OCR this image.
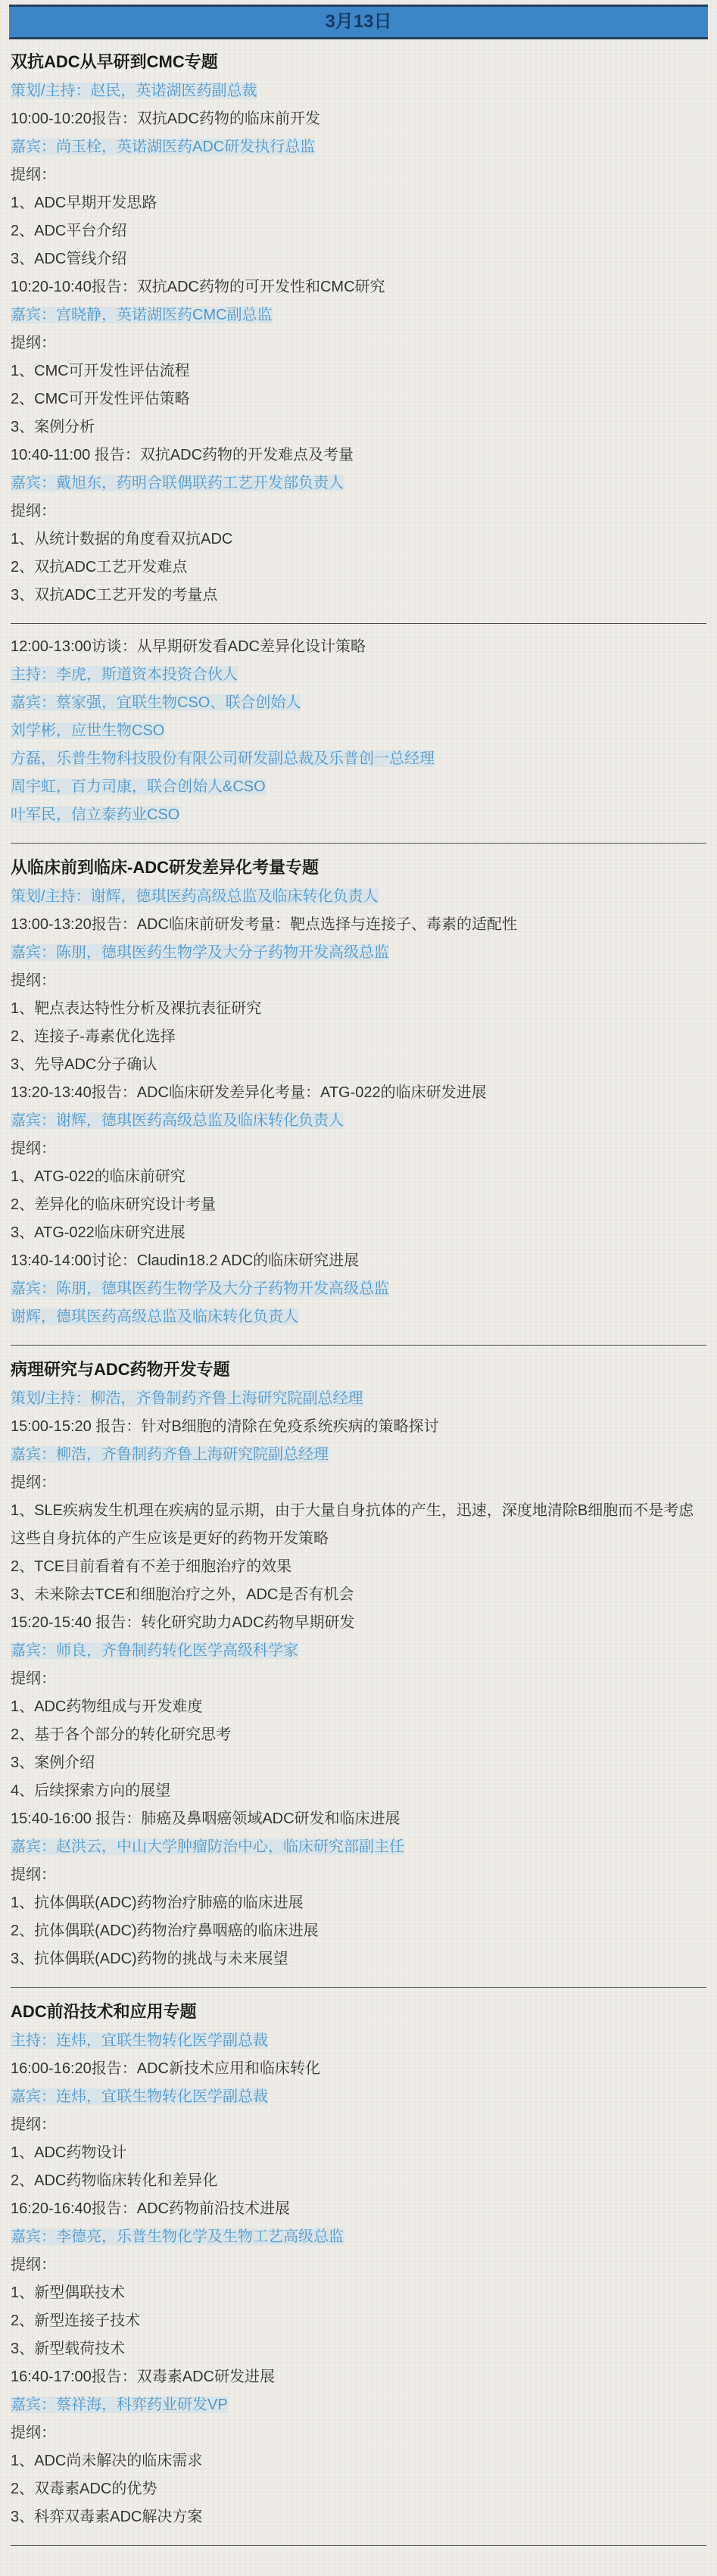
3月13日
双抗ADC从早研到CMC专题
策划/主持：赵民，英诺湖医药副总裁
10:00-10:20报告：双抗ADC药物的临床前开发
嘉宾：尚玉栓，英诺湖医药ADC研发执行总监
提纲：
1、ADC早期开发思路
2、ADC平台介绍
3、ADC管线介绍
10:20-10:40报告：双抗ADC药物的可开发性和CMC研究
嘉宾：宫晓静，英诺湖医药CMC副总监
提纲：
1、CMC可开发性评估流程
2、CMC可开发性评估策略
3、案例分析
10:40-11:00 报告：双抗ADC药物的开发难点及考量
嘉宾：戴旭东，药明合联偶联药工艺开发部负责人
提纲：
1、从统计数据的角度看双抗ADC
2、双抗ADC工艺开发难点
3、双抗ADC工艺开发的考量点
12:00-13:00访谈：从早期研发看ADC差异化设计策略
主持：李虎，斯道资本投资合伙人
嘉宾：蔡家强，宜联生物CSO、联合创始人
刘学彬，应世生物CSO
方磊，乐普生物科技股份有限公司研发副总裁及乐普创一总经理
周宇虹，百力司康，联合创始人&CSO
叶军民，信立泰药业CSO
从临床前到临床-ADC研发差异化考量专题
策划/主持：谢辉，德琪医药高级总监及临床转化负责人
13:00-13:20报告：ADC临床前研发考量：靶点选择与连接子、毒素的适配性
嘉宾：陈朋，德琪医药生物学及大分子药物开发高级总监
提纲：
1、靶点表达特性分析及裸抗表征研究
2、连接子-毒素优化选择
3、先导ADC分子确认
13:20-13:40报告：ADC临床研发差异化考量：ATG-022的临床研发进展
嘉宾：谢辉，德琪医药高级总监及临床转化负责人
提纲：
1、ATG-022的临床前研究
2、差异化的临床研究设计考量
3、ATG-022临床研究进展
13:40-14:00讨论：Claudin18.2 ADC的临床研究进展
嘉宾：陈朋，德琪医药生物学及大分子药物开发高级总监
谢辉，德琪医药高级总监及临床转化负责人
病理研究与ADC药物开发专题
策划/主持：柳浩，齐鲁制药齐鲁上海研究院副总经理
15:00-15:20 报告：针对B细胞的清除在免疫系统疾病的策略探讨
嘉宾：柳浩，齐鲁制药齐鲁上海研究院副总经理
提纲：
1、SLE疾病发生机理在疾病的显示期，由于大量自身抗体的产生，迅速，深度地清除B细胞而不是考虑这些自身抗体的产生应该是更好的药物开发策略
2、TCE目前看着有不差于细胞治疗的效果
3、未来除去TCE和细胞治疗之外，ADC是否有机会
15:20-15:40 报告：转化研究助力ADC药物早期研发
嘉宾：师良，齐鲁制药转化医学高级科学家
提纲：
1、ADC药物组成与开发难度
2、基于各个部分的转化研究思考
3、案例介绍
4、后续探索方向的展望
15:40-16:00 报告：肺癌及鼻咽癌领域ADC研发和临床进展
嘉宾：赵洪云，中山大学肿瘤防治中心，临床研究部副主任
提纲：
1、抗体偶联(ADC)药物治疗肺癌的临床进展
2、抗体偶联(ADC)药物治疗鼻咽癌的临床进展
3、抗体偶联(ADC)药物的挑战与未来展望
ADC前沿技术和应用专题
主持：连炜，宜联生物转化医学副总裁
16:00-16:20报告：ADC新技术应用和临床转化
嘉宾：连炜，宜联生物转化医学副总裁
提纲：
1、ADC药物设计
2、ADC药物临床转化和差异化
16:20-16:40报告：ADC药物前沿技术进展
嘉宾：李德亮，乐普生物化学及生物工艺高级总监
提纲：
1、新型偶联技术
2、新型连接子技术
3、新型载荷技术
16:40-17:00报告：双毒素ADC研发进展
嘉宾：蔡祥海，科弈药业研发VP
提纲：
1、ADC尚未解决的临床需求
2、双毒素ADC的优势
3、科弈双毒素ADC解决方案
